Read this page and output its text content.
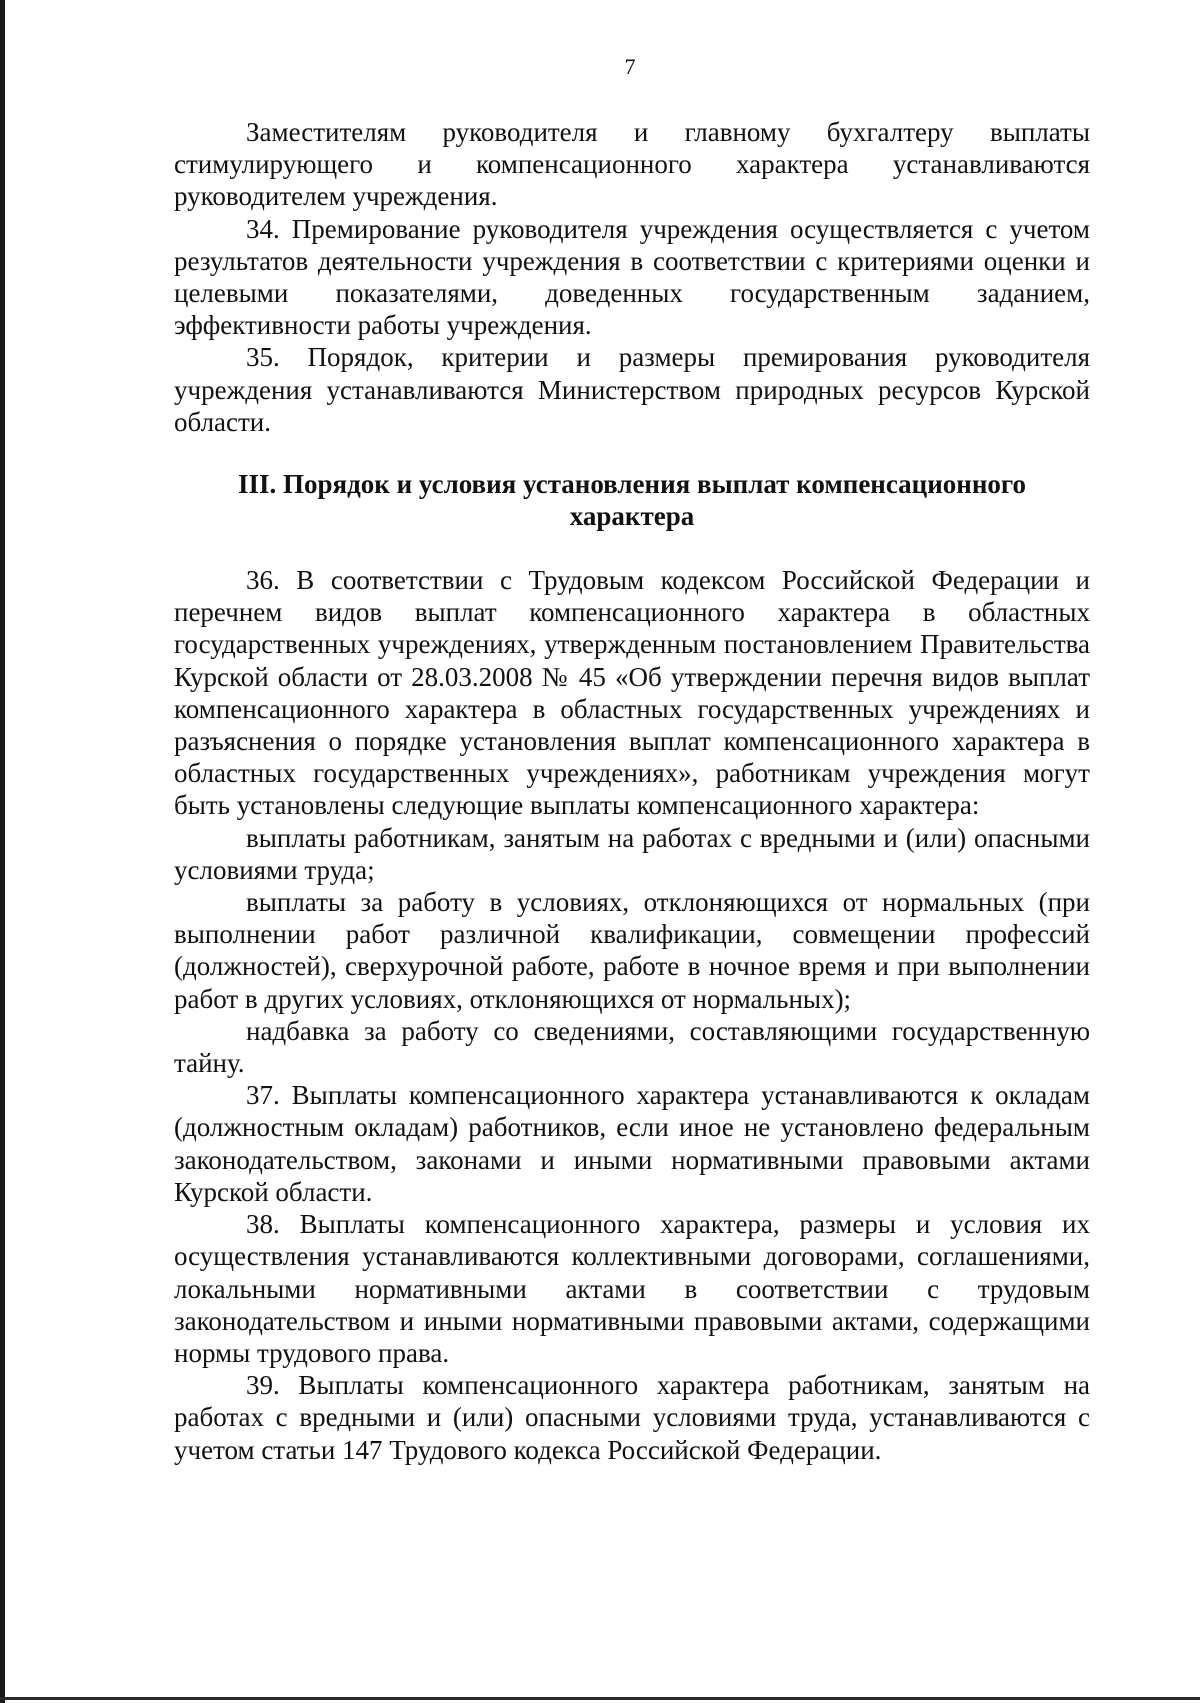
7

Заместителям руководителя и главному бухгалтеру выплаты стимулирующего и компенсационного характера устанавливаются руководителем учреждения.

34. Премирование руководителя учреждения осуществляется с учетом результатов деятельности учреждения в соответствии с критериями оценки и целевыми показателями, доведенных государственным заданием, эффективности работы учреждения.

35. Порядок, критерии и размеры премирования руководителя учреждения устанавливаются Министерством природных ресурсов Курской области.

III. Порядок и условия установления выплат компенсационного характера

36. В соответствии с Трудовым кодексом Российской Федерации и перечнем видов выплат компенсационного характера в областных государственных учреждениях, утвержденным постановлением Правительства Курской области от 28.03.2008 № 45 «Об утверждении перечня видов выплат компенсационного характера в областных государственных учреждениях и разъяснения о порядке установления выплат компенсационного характера в областных государственных учреждениях», работникам учреждения могут быть установлены следующие выплаты компенсационного характера:

выплаты работникам, занятым на работах с вредными и (или) опасными условиями труда;

выплаты за работу в условиях, отклоняющихся от нормальных (при выполнении работ различной квалификации, совмещении профессий (должностей), сверхурочной работе, работе в ночное время и при выполнении работ в других условиях, отклоняющихся от нормальных);

надбавка за работу со сведениями, составляющими государственную тайну.

37. Выплаты компенсационного характера устанавливаются к окладам (должностным окладам) работников, если иное не установлено федеральным законодательством, законами и иными нормативными правовыми актами Курской области.

38. Выплаты компенсационного характера, размеры и условия их осуществления устанавливаются коллективными договорами, соглашениями, локальными нормативными актами в соответствии с трудовым законодательством и иными нормативными правовыми актами, содержащими нормы трудового права.

39. Выплаты компенсационного характера работникам, занятым на работах с вредными и (или) опасными условиями труда, устанавливаются с учетом статьи 147 Трудового кодекса Российской Федерации.
